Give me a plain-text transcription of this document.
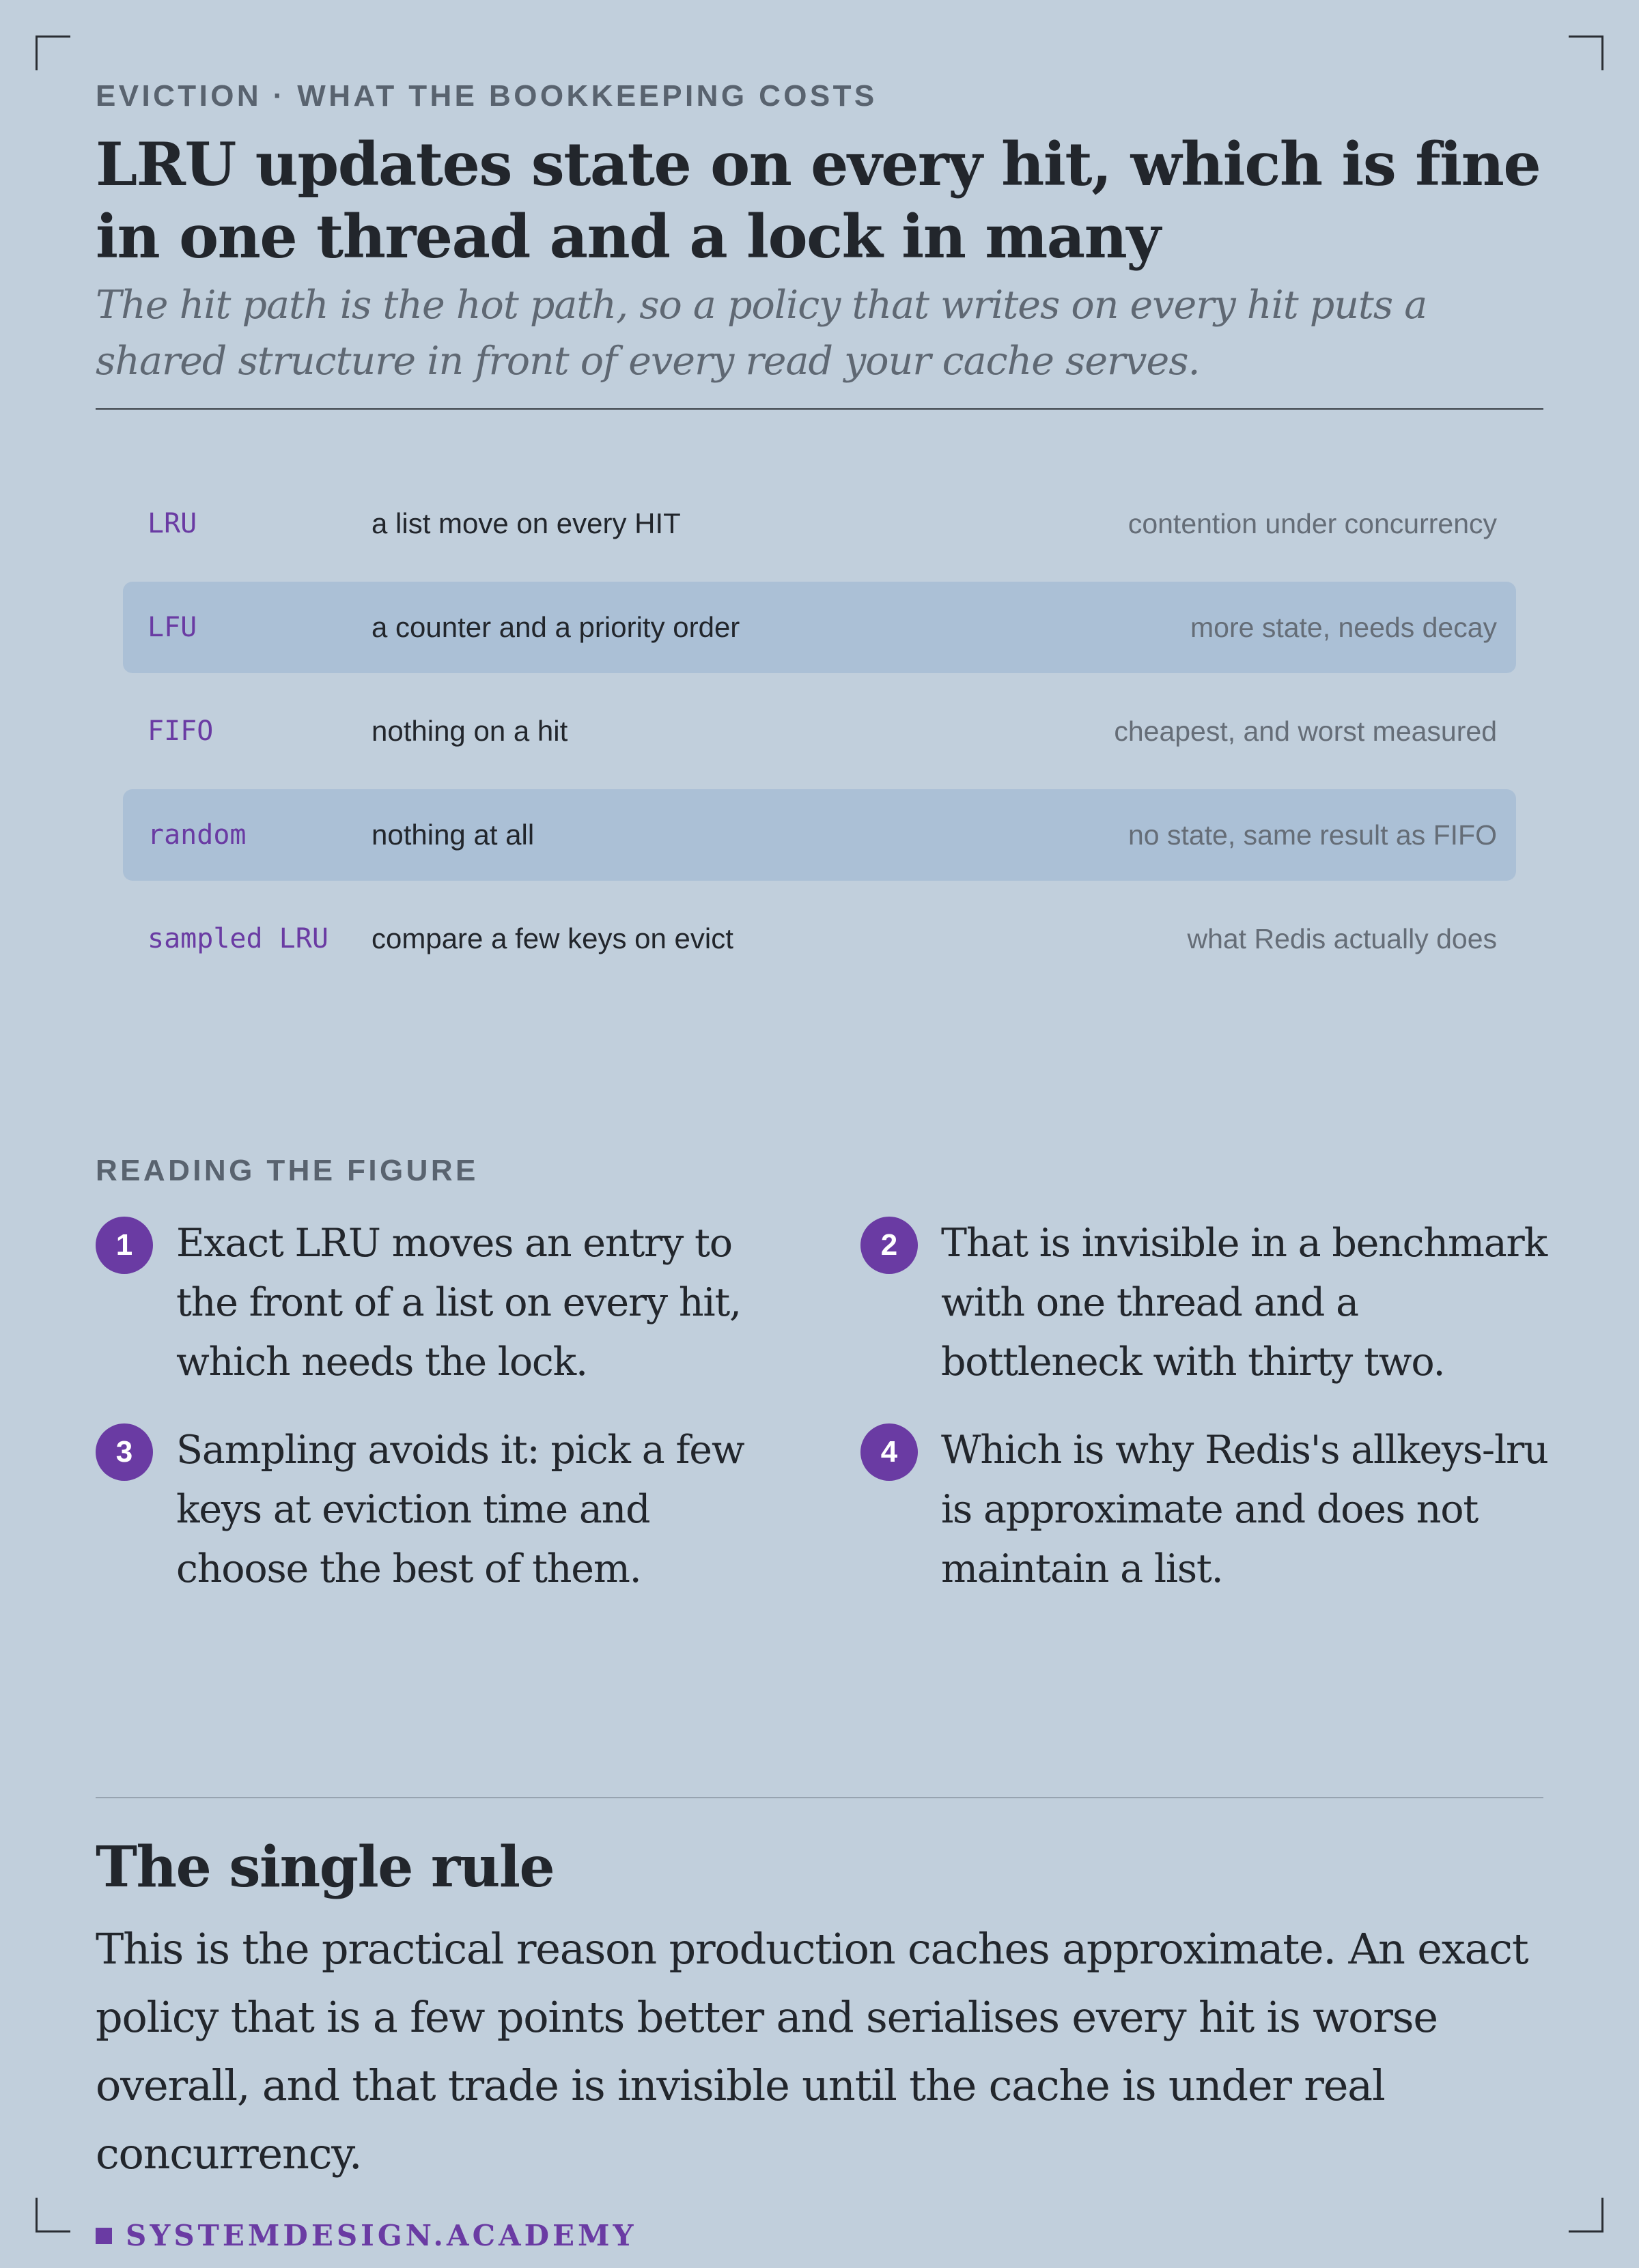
EVICTION · WHAT THE BOOKKEEPING COSTS

LRU updates state on every hit, which is fine in one thread and a lock in many

The hit path is the hot path, so a policy that writes on every hit puts a shared structure in front of every read your cache serves.

LRU	a list move on every HIT	contention under concurrency
LFU	a counter and a priority order	more state, needs decay
FIFO	nothing on a hit	cheapest, and worst measured
random	nothing at all	no state, same result as FIFO
sampled LRU	compare a few keys on evict	what Redis actually does

READING THE FIGURE

1	Exact LRU moves an entry to the front of a list on every hit, which needs the lock.
2	That is invisible in a benchmark with one thread and a bottleneck with thirty two.
3	Sampling avoids it: pick a few keys at eviction time and choose the best of them.
4	Which is why Redis's allkeys-lru is approximate and does not maintain a list.
The single rule

This is the practical reason production caches approximate. An exact policy that is a few points better and serialises every hit is worse overall, and that trade is invisible until the cache is under real concurrency.

SYSTEMDESIGN.ACADEMY
